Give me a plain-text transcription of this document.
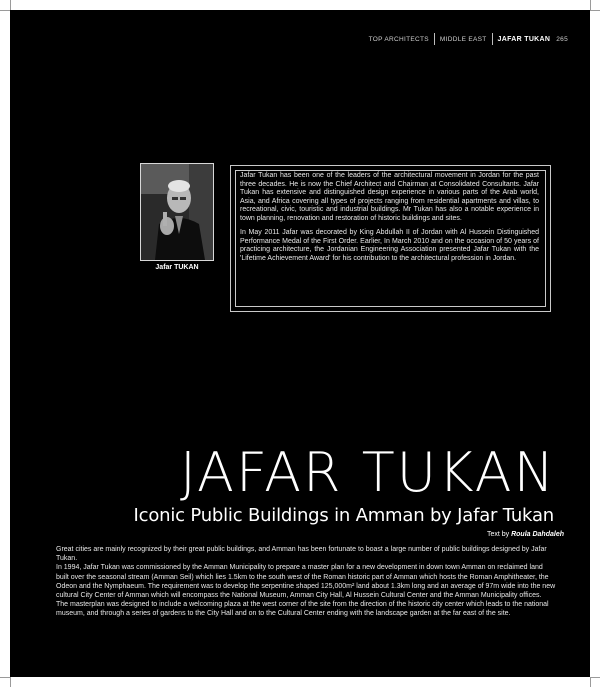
TOP ARCHITECTS MIDDLE EAST JAFAR TUKAN 265
Jafar TUKAN

Jafar Tukan has been one of the leaders of the architectural movement in Jordan for the past three decades. He is now the Chief Architect and Chairman at Consolidated Consultants. Jafar Tukan has extensive and distinguished design experience in various parts of the Arab world, Asia, and Africa covering all types of projects ranging from residential apartments and villas, to recreational, civic, touristic and industrial buildings. Mr Tukan has also a notable experience in town planning, renovation and restoration of historic buildings and sites.

In May 2011 Jafar was decorated by King Abdullah II of Jordan with Al Hussein Distinguished Performance Medal of the First Order. Earlier, In March 2010 and on the occasion of 50 years of practicing architecture, the Jordanian Engineering Association presented Jafar Tukan with the 'Lifetime Achievement Award' for his contribution to the architectural profession in Jordan.

JAFAR TUKAN
Iconic Public Buildings in Amman by Jafar Tukan
Text by Roula Dahdaleh

Great cities are mainly recognized by their great public buildings, and Amman has been fortunate to boast a large number of public buildings designed by Jafar Tukan.

In 1994, Jafar Tukan was commissioned by the Amman Municipality to prepare a master plan for a new development in down town Amman on reclaimed land built over the seasonal stream (Amman Seil) which lies 1.5km to the south west of the Roman historic part of Amman which hosts the Roman Amphitheater, the Odeon and the Nymphaeum. The requirement was to develop the serpentine shaped 125,000m² land about 1.3km long and an average of 97m wide into the new cultural City Center of Amman which will encompass the National Museum, Amman City Hall, Al Hussein Cultural Center and the Amman Municipality offices.

The masterplan was designed to include a welcoming plaza at the west corner of the site from the direction of the historic city center which leads to the national museum, and through a series of gardens to the City Hall and on to the Cultural Center ending with the landscape garden at the far east of the site.
